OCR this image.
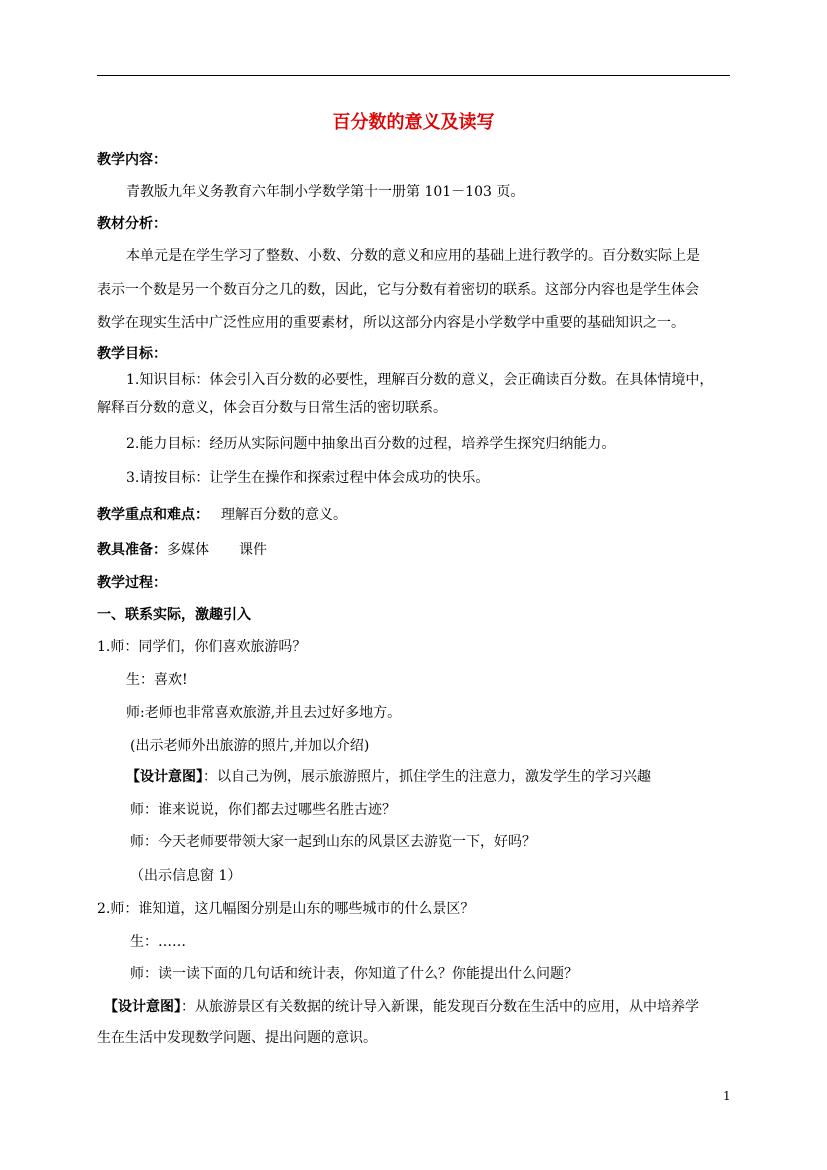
百分数的意义及读写
教学内容：
青教版九年义务教育六年制小学数学第十一册第 101－103 页。
教材分析：
本单元是在学生学习了整数、小数、分数的意义和应用的基础上进行教学的。百分数实际上是
表示一个数是另一个数百分之几的数，因此，它与分数有着密切的联系。这部分内容也是学生体会
数学在现实生活中广泛性应用的重要素材，所以这部分内容是小学数学中重要的基础知识之一。
教学目标：
1.知识目标：体会引入百分数的必要性，理解百分数的意义，会正确读百分数。在具体情境中，
解释百分数的意义，体会百分数与日常生活的密切联系。
2.能力目标：经历从实际问题中抽象出百分数的过程，培养学生探究归纳能力。
3.请按目标：让学生在操作和探索过程中体会成功的快乐。
教学重点和难点： 理解百分数的意义。
教具准备：多媒体 课件
教学过程：
一、联系实际，激趣引入
1.师：同学们，你们喜欢旅游吗？
生：喜欢!
师:老师也非常喜欢旅游,并且去过好多地方。
(出示老师外出旅游的照片,并加以介绍)
【设计意图】：以自己为例，展示旅游照片，抓住学生的注意力，激发学生的学习兴趣
师：谁来说说，你们都去过哪些名胜古迹？
师：今天老师要带领大家一起到山东的风景区去游览一下，好吗？
（出示信息窗 1）
2.师：谁知道，这几幅图分别是山东的哪些城市的什么景区？
生：……
师：读一读下面的几句话和统计表，你知道了什么？你能提出什么问题？
【设计意图】：从旅游景区有关数据的统计导入新课，能发现百分数在生活中的应用，从中培养学
生在生活中发现数学问题、提出问题的意识。
1
